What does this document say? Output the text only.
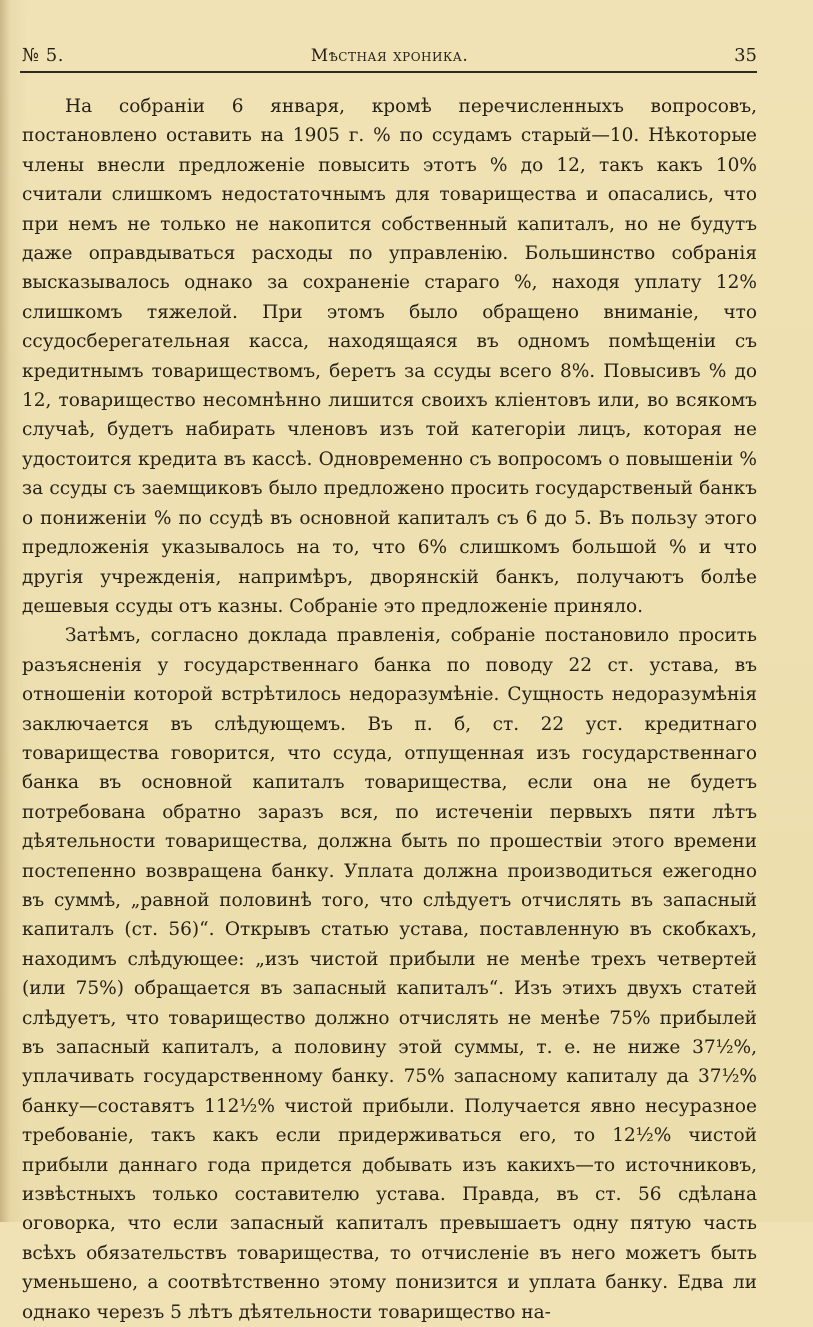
№ 5.	Мѣстная хроника.	35

На собраніи 6 января, кромѣ перечисленныхъ вопросовъ, постановлено оставить на 1905 г. % по ссудамъ старый—10. Нѣкоторые члены внесли предложеніе повысить этотъ % до 12, такъ какъ 10% считали слишкомъ недостаточнымъ для товарищества и опасались, что при немъ не только не накопится собственный капиталъ, но не будутъ даже оправдываться расходы по управленію. Большинство собранія высказывалось однако за сохраненіе стараго %, находя уплату 12% слишкомъ тяжелой. При этомъ было обращено вниманіе, что ссудосберегательная касса, находящаяся въ одномъ помѣщеніи съ кредитнымъ товариществомъ, беретъ за ссуды всего 8%. Повысивъ % до 12, товарищество несомнѣнно лишится своихъ кліентовъ или, во всякомъ случаѣ, будетъ набирать членовъ изъ той категоріи лицъ, которая не удостоится кредита въ кассѣ. Одновременно съ вопросомъ о повышеніи % за ссуды съ заемщиковъ было предложено просить государственый банкъ о пониженіи % по ссудѣ въ основной капиталъ съ 6 до 5. Въ пользу этого предложенія указывалось на то, что 6% слишкомъ большой % и что другія учрежденія, напримѣръ, дворянскій банкъ, получаютъ болѣе дешевыя ссуды отъ казны. Собраніе это предложеніе приняло.

Затѣмъ, согласно доклада правленія, собраніе постановило просить разъясненія у государственнаго банка по поводу 22 ст. устава, въ отношеніи которой встрѣтилось недоразумѣніе. Сущность недоразумѣнія заключается въ слѣдующемъ. Въ п. б, ст. 22 уст. кредитнаго товарищества говорится, что ссуда, отпущенная изъ государственнаго банка въ основной капиталъ товарищества, если она не будетъ потребована обратно заразъ вся, по истеченіи первыхъ пяти лѣтъ дѣятельности товарищества, должна быть по прошествіи этого времени постепенно возвращена банку. Уплата должна производиться ежегодно въ суммѣ, „равной половинѣ того, что слѣдуетъ отчислять въ запасный капиталъ (ст. 56)“. Открывъ статью устава, поставленную въ скобкахъ, находимъ слѣдующее: „изъ чистой прибыли не менѣе трехъ четвертей (или 75%) обращается въ запасный капиталъ“. Изъ этихъ двухъ статей слѣдуетъ, что товарищество должно отчислять не менѣе 75% прибылей въ запасный капиталъ, а половину этой суммы, т. е. не ниже 37½%, уплачивать государственному банку. 75% запасному капиталу да 37½% банку—составятъ 112½% чистой прибыли. Получается явно несуразное требованіе, такъ какъ если придерживаться его, то 12½% чистой прибыли даннаго года придется добывать изъ какихъ—то источниковъ, извѣстныхъ только составителю устава. Правда, въ ст. 56 сдѣлана оговорка, что если запасный капиталъ превышаетъ одну пятую часть всѣхъ обязательствъ товарищества, то отчисленіе въ него можетъ быть уменьшено, а соотвѣтственно этому понизится и уплата банку. Едва ли однако черезъ 5 лѣтъ дѣятельности товарищество на-
